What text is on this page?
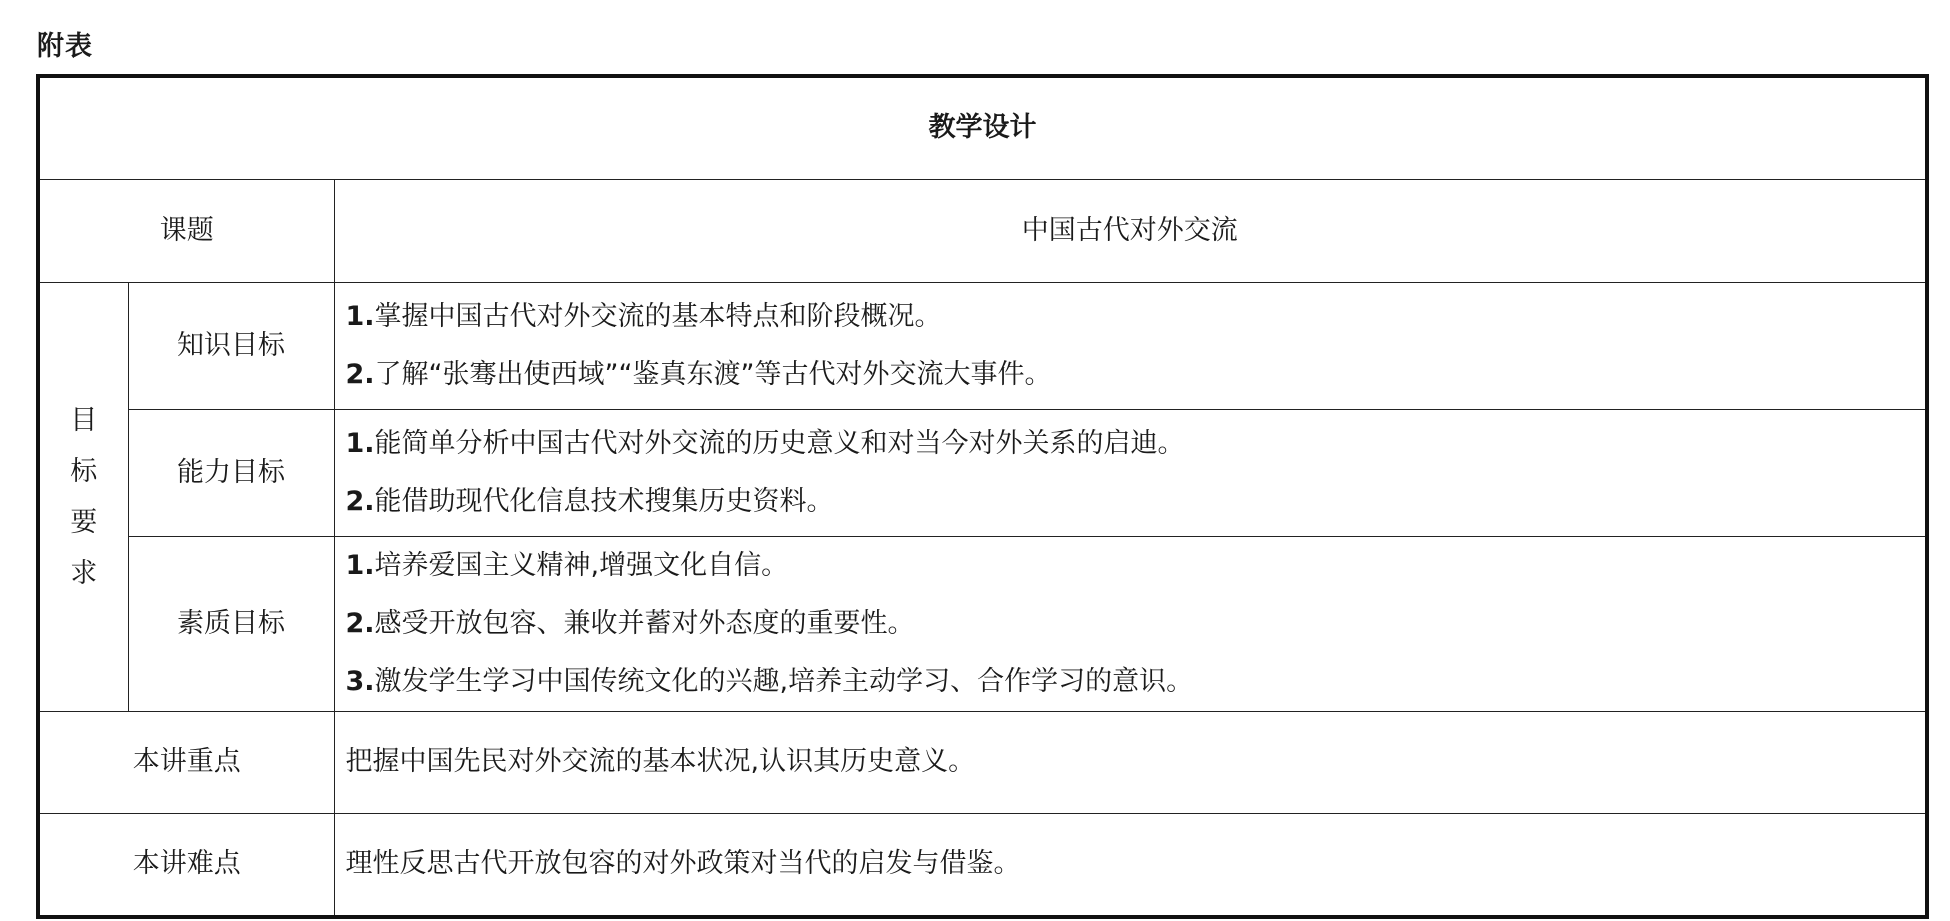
附表
教学设计		
课题		中国古代对外交流

目
标
要
求	知识目标	1.掌握中国古代对外交流的基本特点和阶段概况。
2.了解“张骞出使西域”“鉴真东渡”等古代对外交流大事件。

	能力目标	1.能简单分析中国古代对外交流的历史意义和对当今对外关系的启迪。
2.能借助现代化信息技术搜集历史资料。

	素质目标	1.培养爱国主义精神,增强文化自信。
2.感受开放包容、兼收并蓄对外态度的重要性。
3.激发学生学习中国传统文化的兴趣,培养主动学习、合作学习的意识。

本讲重点		把握中国先民对外交流的基本状况,认识其历史意义。
本讲难点		理性反思古代开放包容的对外政策对当代的启发与借鉴。
